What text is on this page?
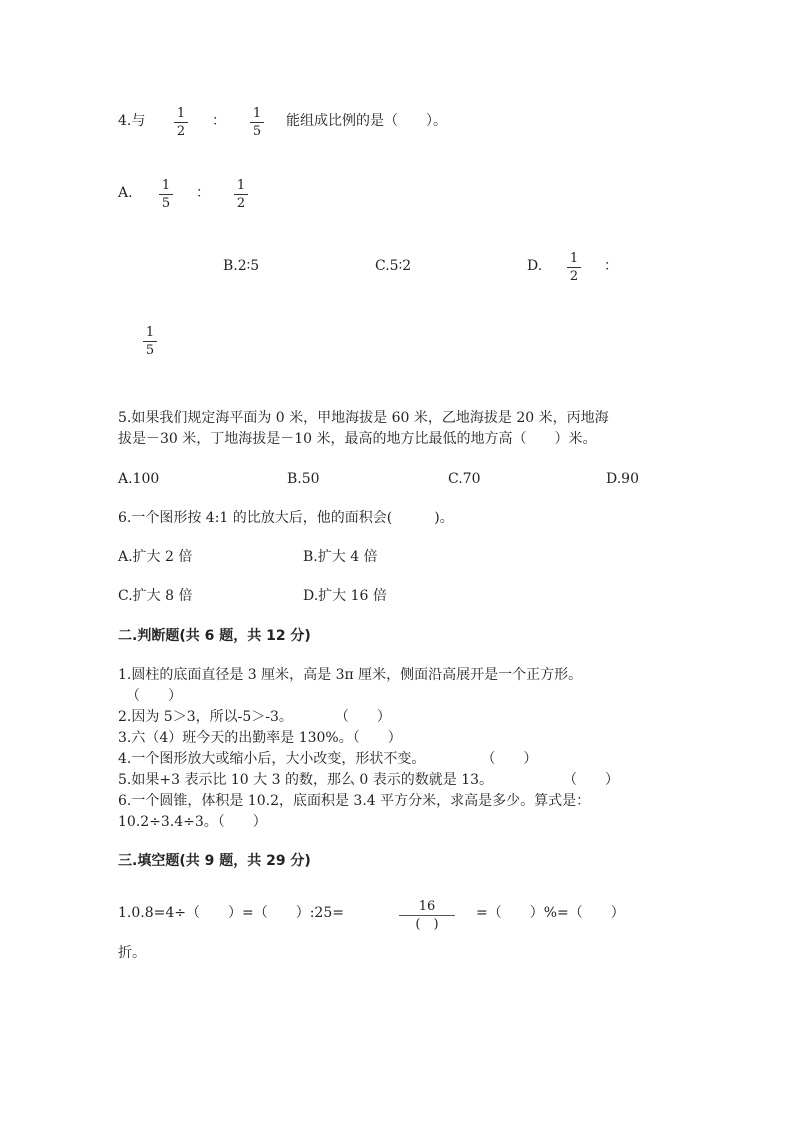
4.与 $\frac{1}{2}$ ： $\frac{1}{5}$ 能组成比例的是（　　）。
A. $\frac{1}{5}$ ： $\frac{1}{2}$
B.2∶5	C.5∶2	D. $\frac{1}{2}$ ：
$\frac{1}{5}$
5.如果我们规定海平面为 0 米，甲地海拔是 60 米，乙地海拔是 20 米，丙地海
拔是－30 米，丁地海拔是－10 米，最高的地方比最低的地方高（　　）米。
A.100	B.50	C.70	D.90
6.一个图形按 4:1 的比放大后，他的面积会(　　　)。
A.扩大 2 倍	B.扩大 4 倍
C.扩大 8 倍	D.扩大 16 倍
二.判断题(共 6 题，共 12 分)
1.圆柱的底面直径是 3 厘米，高是 3π 厘米，侧面沿高展开是一个正方形。
（　　）
2.因为 5＞3，所以-5＞-3。　　　　（　　）
3.六（4）班今天的出勤率是 130%。（　　）
4.一个图形放大或缩小后，大小改变，形状不变。　　　　　（　　）
5.如果+3 表示比 10 大 3 的数，那么 0 表示的数就是 13。　　　　　　（　　）
6.一个圆锥，体积是 10.2，底面积是 3.4 平方分米，求高是多少。算式是：
10.2÷3.4÷3。（　　）
三.填空题(共 9 题，共 29 分)
1.0.8=4÷（　　）=（　　）:25=	16
(　)
=（　　）%=（　　）
折。
